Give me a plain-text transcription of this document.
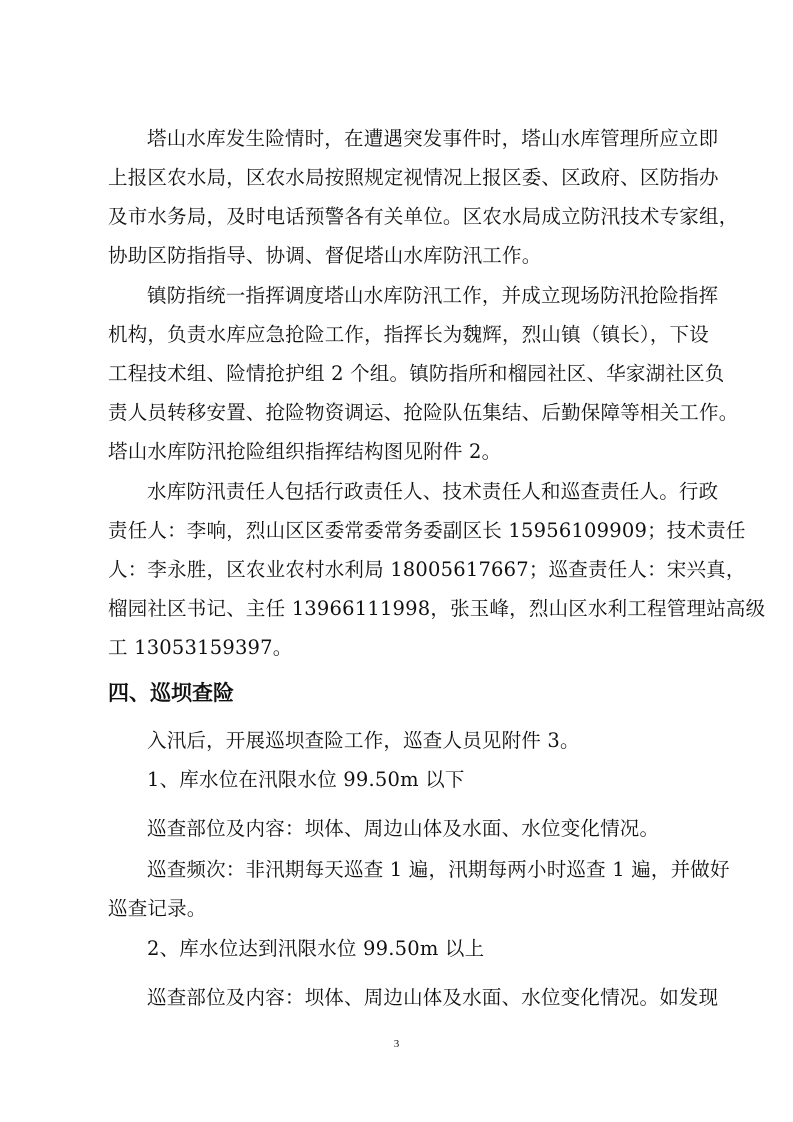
塔山水库发生险情时，在遭遇突发事件时，塔山水库管理所应立即
上报区农水局，区农水局按照规定视情况上报区委、区政府、区防指办
及市水务局，及时电话预警各有关单位。区农水局成立防汛技术专家组，
协助区防指指导、协调、督促塔山水库防汛工作。
镇防指统一指挥调度塔山水库防汛工作，并成立现场防汛抢险指挥
机构，负责水库应急抢险工作，指挥长为魏辉，烈山镇（镇长），下设
工程技术组、险情抢护组 2 个组。镇防指所和榴园社区、华家湖社区负
责人员转移安置、抢险物资调运、抢险队伍集结、后勤保障等相关工作。
塔山水库防汛抢险组织指挥结构图见附件 2。
水库防汛责任人包括行政责任人、技术责任人和巡查责任人。行政
责任人：李响，烈山区区委常委常务委副区长 15956109909；技术责任
人：李永胜，区农业农村水利局 18005617667；巡查责任人：宋兴真，
榴园社区书记、主任 13966111998，张玉峰，烈山区水利工程管理站高级
工 13053159397。
四、巡坝查险
入汛后，开展巡坝查险工作，巡查人员见附件 3。
1、库水位在汛限水位 99.50m 以下
巡查部位及内容：坝体、周边山体及水面、水位变化情况。
巡查频次：非汛期每天巡查 1 遍，汛期每两小时巡查 1 遍，并做好
巡查记录。
2、库水位达到汛限水位 99.50m 以上
巡查部位及内容：坝体、周边山体及水面、水位变化情况。如发现
3
